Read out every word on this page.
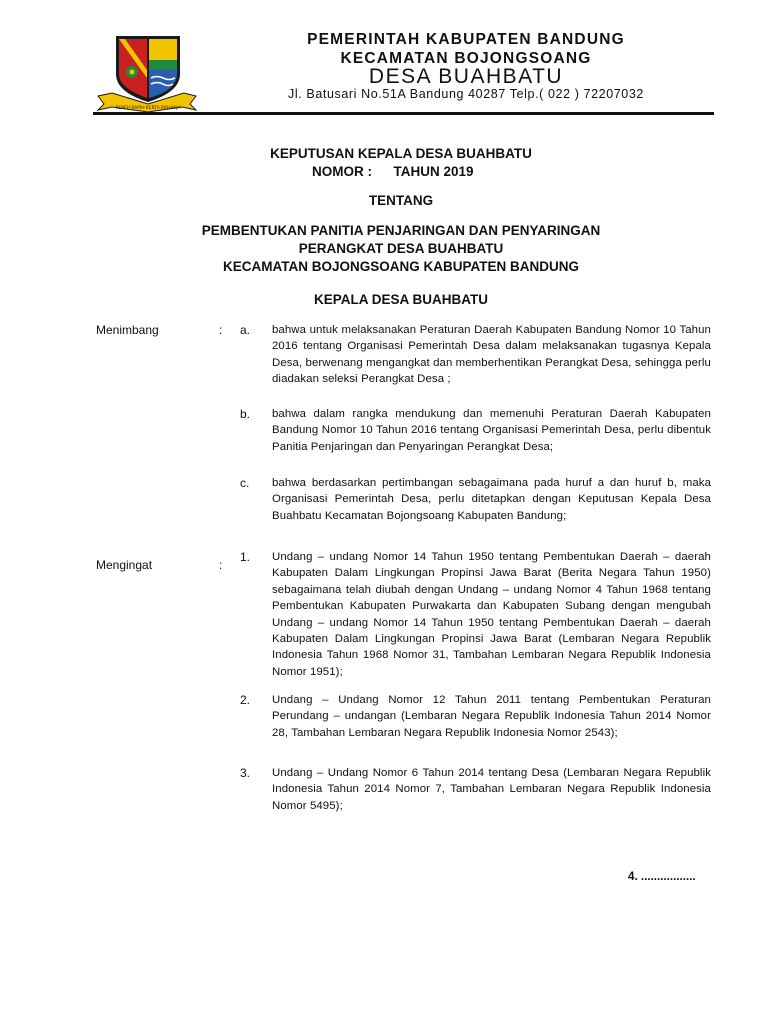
REPEH RAPIH KERTA RAHARJA
PEMERINTAH KABUPATEN BANDUNG
KECAMATAN BOJONGSOANG
DESA BUAHBATU
Jl. Batusari No.51A Bandung 40287 Telp.( 022 ) 72207032
KEPUTUSAN KEPALA DESA BUAHBATU
NOMOR : TAHUN 2019
TENTANG
PEMBENTUKAN PANITIA PENJARINGAN DAN PENYARINGAN
PERANGKAT DESA BUAHBATU
KECAMATAN BOJONGSOANG KABUPATEN BANDUNG
KEPALA DESA BUAHBATU
Menimbang	: a. bahwa untuk melaksanakan Peraturan Daerah Kabupaten Bandung Nomor 10 Tahun 2016 tentang Organisasi Pemerintah Desa dalam melaksanakan tugasnya Kepala Desa, berwenang mengangkat dan memberhentikan Perangkat Desa, sehingga perlu diadakan seleksi Perangkat Desa ;
b. bahwa dalam rangka mendukung dan memenuhi Peraturan Daerah Kabupaten Bandung Nomor 10 Tahun 2016 tentang Organisasi Pemerintah Desa, perlu dibentuk Panitia Penjaringan dan Penyaringan Perangkat Desa;
c. bahwa berdasarkan pertimbangan sebagaimana pada huruf a dan huruf b, maka Organisasi Pemerintah Desa, perlu ditetapkan dengan Keputusan Kepala Desa Buahbatu Kecamatan Bojongsoang Kabupaten Bandung;
Mengingat	:
1. Undang – undang Nomor 14 Tahun 1950 tentang Pembentukan Daerah – daerah Kabupaten Dalam Lingkungan Propinsi Jawa Barat (Berita Negara Tahun 1950) sebagaimana telah diubah dengan Undang – undang Nomor 4 Tahun 1968 tentang Pembentukan Kabupaten Purwakarta dan Kabupaten Subang dengan mengubah Undang – undang Nomor 14 Tahun 1950 tentang Pembentukan Daerah – daerah Kabupaten Dalam Lingkungan Propinsi Jawa Barat (Lembaran Negara Republik Indonesia Tahun 1968 Nomor 31, Tambahan Lembaran Negara Republik Indonesia Nomor 1951);
2. Undang – Undang Nomor 12 Tahun 2011 tentang Pembentukan Peraturan Perundang – undangan (Lembaran Negara Republik Indonesia Tahun 2014 Nomor 28, Tambahan Lembaran Negara Republik Indonesia Nomor 2543);
3. Undang – Undang Nomor 6 Tahun 2014 tentang Desa (Lembaran Negara Republik Indonesia Tahun 2014 Nomor 7, Tambahan Lembaran Negara Republik Indonesia Nomor 5495);
4. .................
